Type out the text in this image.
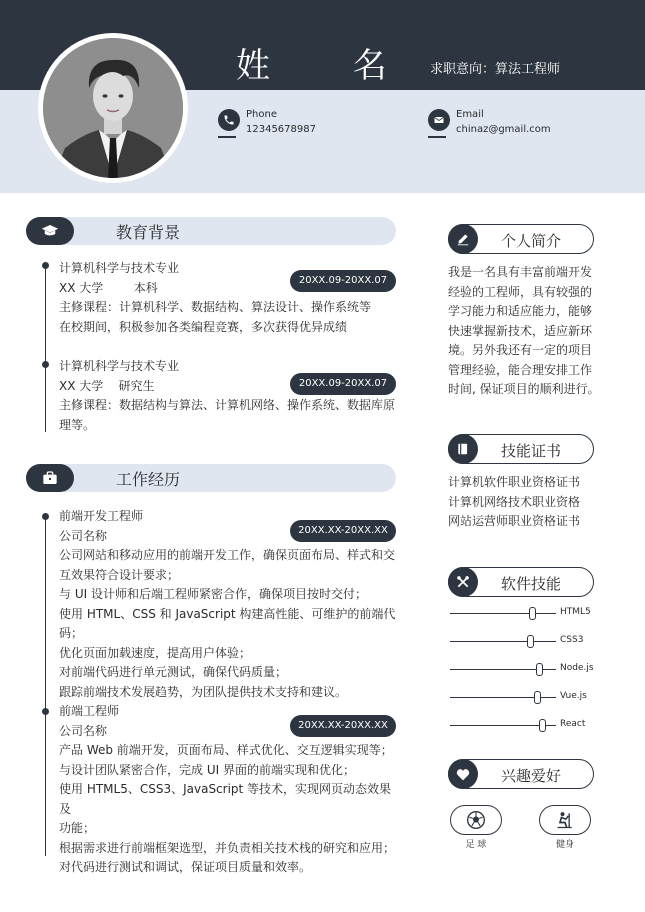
姓 名 求职意向：算法工程师
Phone
12345678987
Email
chinaz@gmail.com
教育背景
计算机科学与技术专业
XX 大学        本科
主修课程：计算机科学、数据结构、算法设计、操作系统等
在校期间，积极参加各类编程竞赛，多次获得优异成绩
20XX.09-20XX.07
计算机科学与技术专业
XX 大学    研究生
主修课程：数据结构与算法、计算机网络、操作系统、数据库原
理等。
20XX.09-20XX.07
工作经历
前端开发工程师
公司名称
公司网站和移动应用的前端开发工作，确保页面布局、样式和交
互效果符合设计要求；
与 UI 设计师和后端工程师紧密合作，确保项目按时交付；
使用 HTML、CSS 和 JavaScript 构建高性能、可维护的前端代码；
优化页面加载速度，提高用户体验；
对前端代码进行单元测试，确保代码质量；
跟踪前端技术发展趋势，为团队提供技术支持和建议。
20XX.XX-20XX.XX
前端工程师
公司名称
产品 Web 前端开发，页面布局、样式优化、交互逻辑实现等；
与设计团队紧密合作，完成 UI 界面的前端实现和优化；
使用 HTML5、CSS3、JavaScript 等技术，实现网页动态效果及
功能；
根据需求进行前端框架选型，并负责相关技术栈的研究和应用；
对代码进行测试和调试，保证项目质量和效率。
20XX.XX-20XX.XX
个人简介
我是一名具有丰富前端开发
经验的工程师，具有较强的
学习能力和适应能力，能够
快速掌握新技术，适应新环
境。另外我还有一定的项目
管理经验，能合理安排工作
时间, 保证项目的顺利进行。
技能证书
计算机软件职业资格证书
计算机网络技术职业资格
网站运营师职业资格证书
软件技能
HTML5
CSS3
Node.js
Vue.js
React
兴趣爱好
足 球	健身
